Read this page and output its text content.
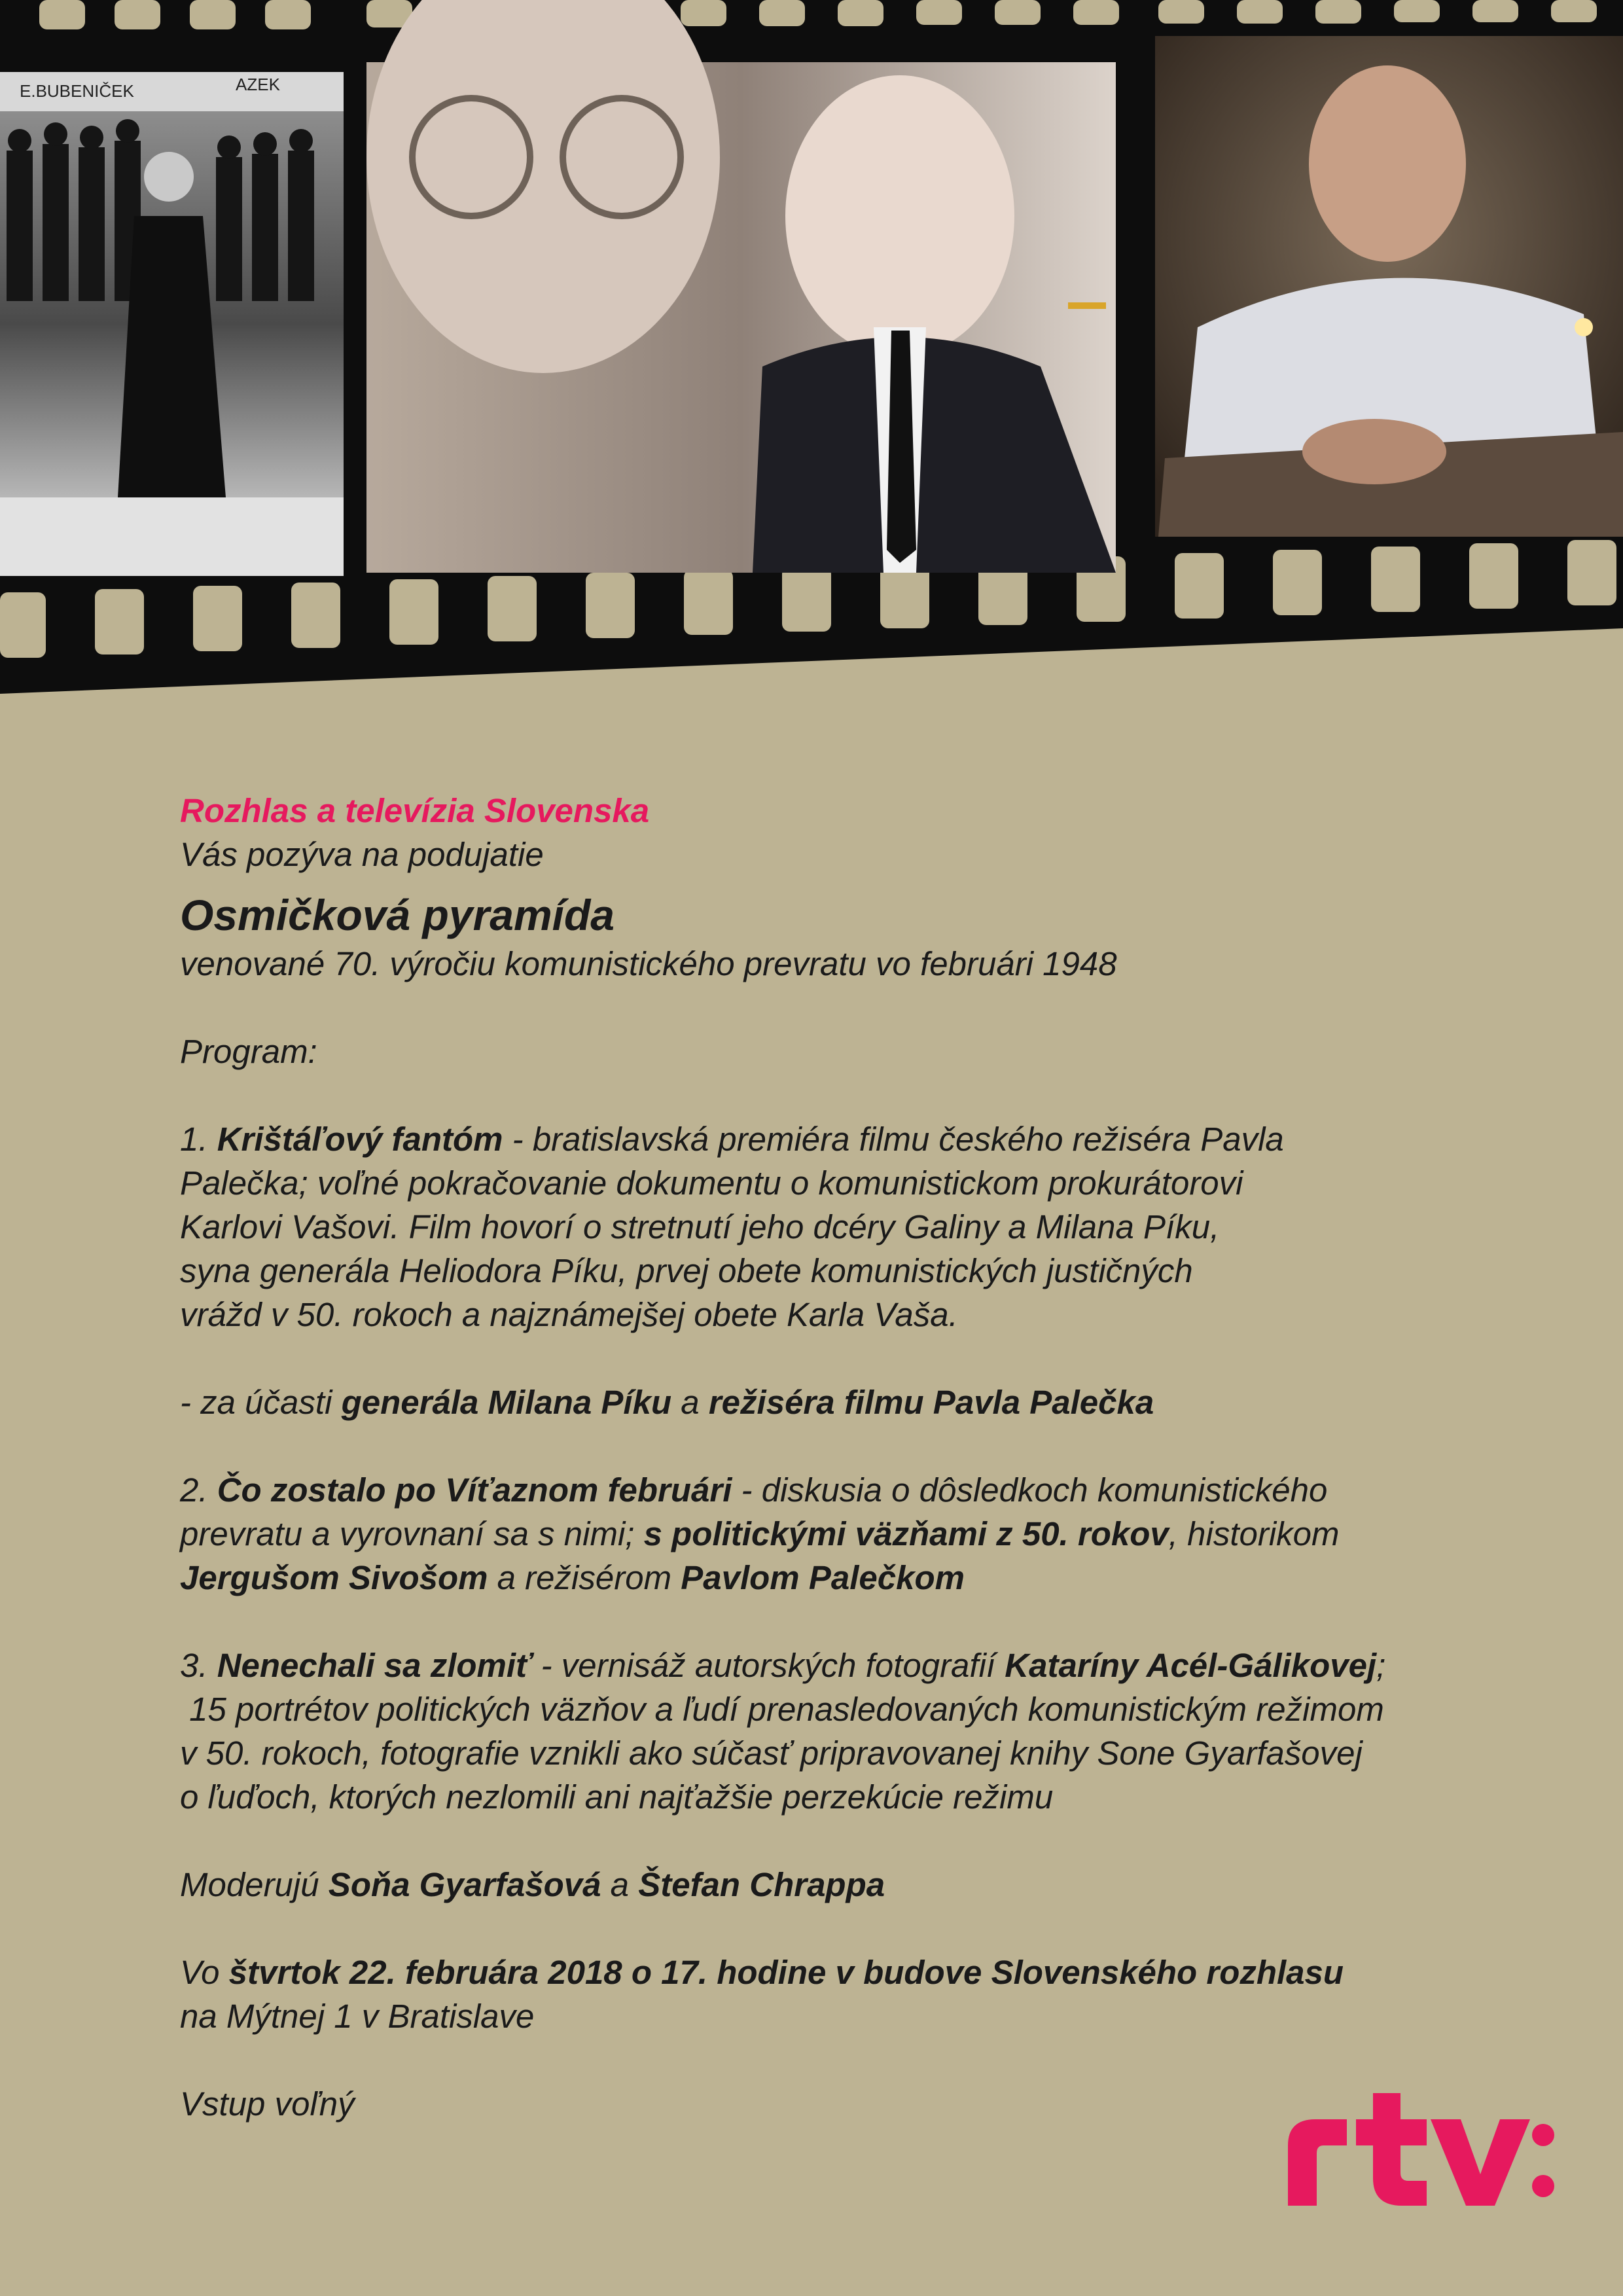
E.BUBENIČEK	AZEK

Rozhlas a televízia Slovenska

Vás pozýva na podujatie

Osmičková pyramída

venované 70. výročiu komunistického prevratu vo februári 1948

Program:

1. Krištáľový fantóm - bratislavská premiéra filmu českého režiséra Pavla

Palečka; voľné pokračovanie dokumentu o komunistickom prokurátorovi

Karlovi Vašovi. Film hovorí o stretnutí jeho dcéry Galiny a Milana Píku,

syna generála Heliodora Píku, prvej obete komunistických justičných

vrážd v 50. rokoch a najznámejšej obete Karla Vaša.

- za účasti generála Milana Píku a režiséra filmu Pavla Palečka

2. Čo zostalo po Víťaznom februári - diskusia o dôsledkoch komunistického

prevratu a vyrovnaní sa s nimi; s politickými väzňami z 50. rokov, historikom

Jergušom Sivošom a režisérom Pavlom Palečkom

3. Nenechali sa zlomiť - vernisáž autorských fotografií Kataríny Acél-Gálikovej;

15 portrétov politických väzňov a ľudí prenasledovaných komunistickým režimom

v 50. rokoch, fotografie vznikli ako súčasť pripravovanej knihy Sone Gyarfašovej

o ľuďoch, ktorých nezlomili ani najťažšie perzekúcie režimu

Moderujú Soňa Gyarfašová a Štefan Chrappa

Vo štvrtok 22. februára 2018 o 17. hodine v budove Slovenského rozhlasu

na Mýtnej 1 v Bratislave

Vstup voľný
